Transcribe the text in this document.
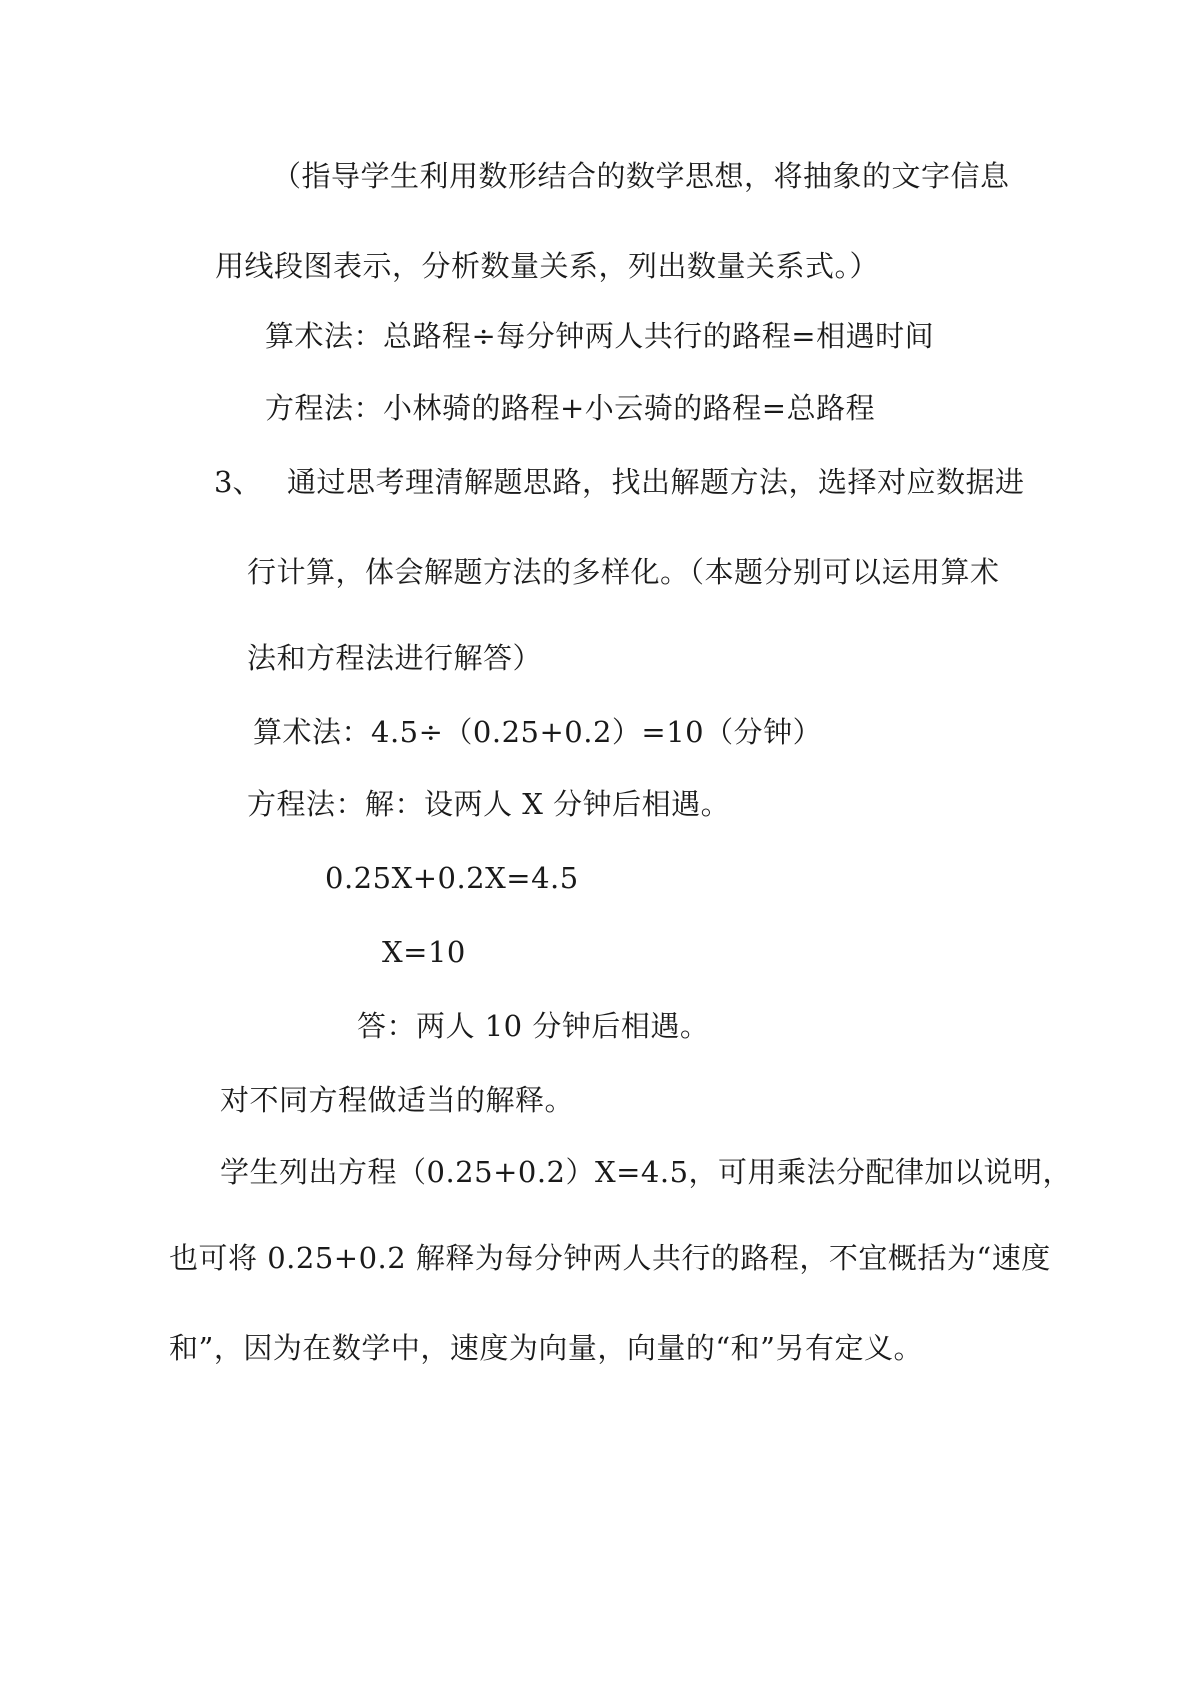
（指导学生利用数形结合的数学思想，将抽象的文字信息
用线段图表示，分析数量关系，列出数量关系式。）
算术法：总路程÷每分钟两人共行的路程=相遇时间
方程法：小林骑的路程+小云骑的路程=总路程
3、 通过思考理清解题思路，找出解题方法，选择对应数据进
行计算，体会解题方法的多样化。（本题分别可以运用算术
法和方程法进行解答）
算术法：4.5÷（0.25+0.2）=10（分钟）
方程法：解：设两人 X 分钟后相遇。
0.25X+0.2X=4.5
X=10
答：两人 10 分钟后相遇。
对不同方程做适当的解释。
学生列出方程（0.25+0.2）X=4.5，可用乘法分配律加以说明，
也可将 0.25+0.2 解释为每分钟两人共行的路程，不宜概括为“速度
和”，因为在数学中，速度为向量，向量的“和”另有定义。
